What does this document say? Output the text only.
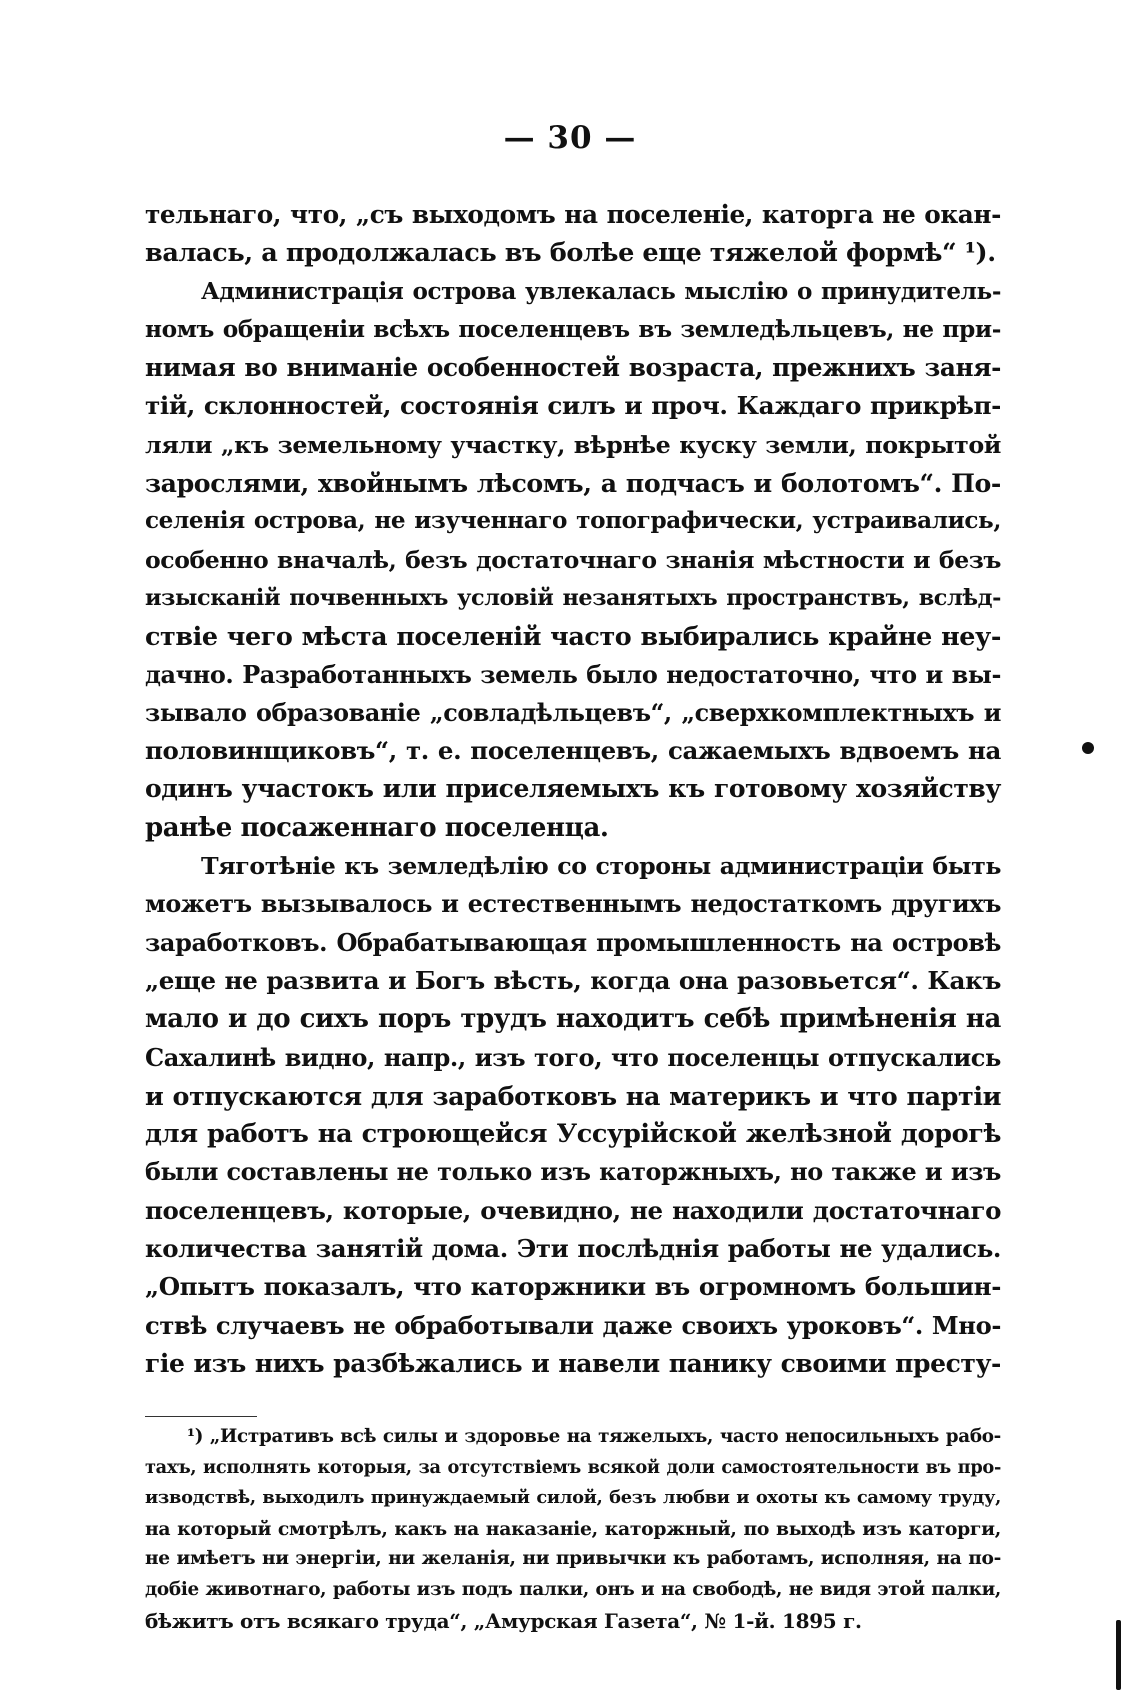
— 30 —
тельнаго, что, „съ выходомъ на поселеніе, каторга не окан-
валась, а продолжалась въ болѣе еще тяжелой формѣ“ ¹).
Администрація острова увлекалась мыслію о принудитель-
номъ обращеніи всѣхъ поселенцевъ въ земледѣльцевъ, не при-
нимая во вниманіе особенностей возраста, прежнихъ заня-
тій, склонностей, состоянія силъ и проч. Каждаго прикрѣп-
ляли „къ земельному участку, вѣрнѣе куску земли, покрытой
зарослями, хвойнымъ лѣсомъ, а подчасъ и болотомъ“. По-
селенія острова, не изученнаго топографически, устраивались,
особенно вначалѣ, безъ достаточнаго знанія мѣстности и безъ
изысканій почвенныхъ условій незанятыхъ пространствъ, вслѣд-
ствіе чего мѣста поселеній часто выбирались крайне неу-
дачно. Разработанныхъ земель было недостаточно, что и вы-
зывало образованіе „совладѣльцевъ“, „сверхкомплектныхъ и
половинщиковъ“, т. е. поселенцевъ, сажаемыхъ вдвоемъ на
одинъ участокъ или приселяемыхъ къ готовому хозяйству
ранѣе посаженнаго поселенца.
Тяготѣніе къ земледѣлію со стороны администраціи быть
можетъ вызывалось и естественнымъ недостаткомъ другихъ
заработковъ. Обрабатывающая промышленность на островѣ
„еще не развита и Богъ вѣсть, когда она разовьется“. Какъ
мало и до сихъ поръ трудъ находитъ себѣ примѣненія на
Сахалинѣ видно, напр., изъ того, что поселенцы отпускались
и отпускаются для заработковъ на материкъ и что партіи
для работъ на строющейся Уссурійской желѣзной дорогѣ
были составлены не только изъ каторжныхъ, но также и изъ
поселенцевъ, которые, очевидно, не находили достаточнаго
количества занятій дома. Эти послѣднія работы не удались.
„Опытъ показалъ, что каторжники въ огромномъ большин-
ствѣ случаевъ не обработывали даже своихъ уроковъ“. Мно-
гіе изъ нихъ разбѣжались и навели панику своими престу-
¹) „Истративъ всѣ силы и здоровье на тяжелыхъ, часто непосильныхъ рабо-
тахъ, исполнять которыя, за отсутствіемъ всякой доли самостоятельности въ про-
изводствѣ, выходилъ принуждаемый силой, безъ любви и охоты къ самому труду,
на который смотрѣлъ, какъ на наказаніе, каторжный, по выходѣ изъ каторги,
не имѣетъ ни энергіи, ни желанія, ни привычки къ работамъ, исполняя, на по-
добіе животнаго, работы изъ подъ палки, онъ и на свободѣ, не видя этой палки,
бѣжитъ отъ всякаго труда“, „Амурская Газета“, № 1-й. 1895 г.
